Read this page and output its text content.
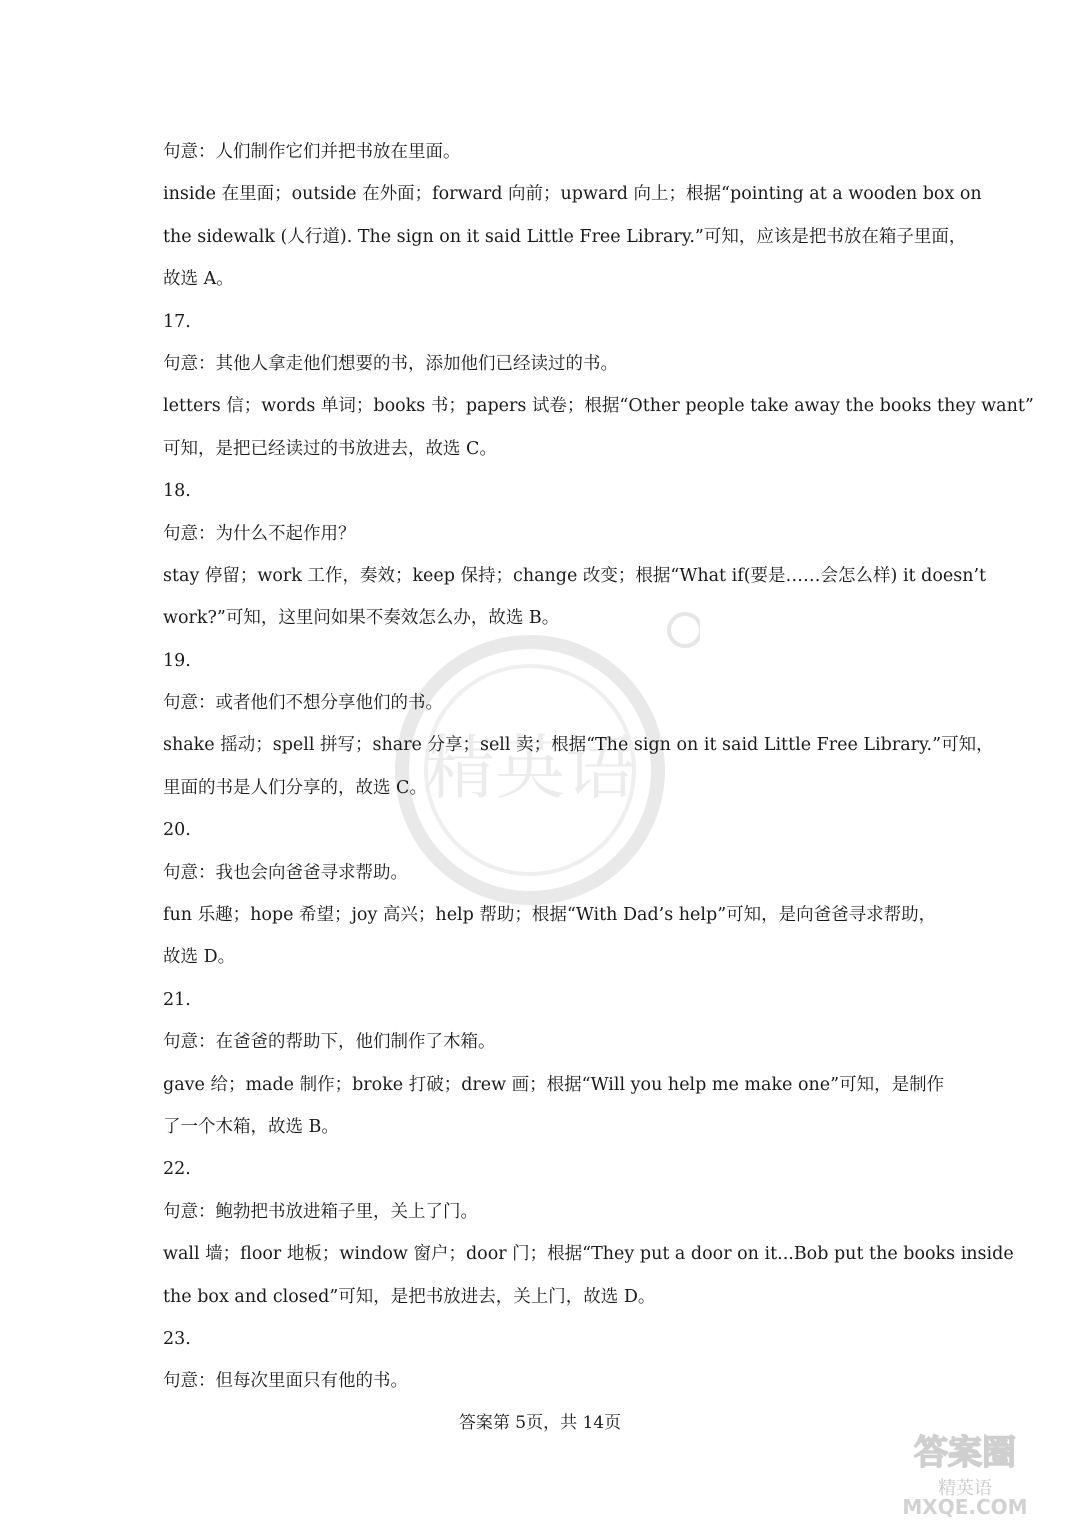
精英语

句意：人们制作它们并把书放在里面。

inside 在里面；outside 在外面；forward 向前；upward 向上；根据“pointing at a wooden box on

the sidewalk (人行道). The sign on it said Little Free Library.”可知，应该是把书放在箱子里面，

故选 A。

17.

句意：其他人拿走他们想要的书，添加他们已经读过的书。

letters 信；words 单词；books 书；papers 试卷；根据“Other people take away the books they want”

可知，是把已经读过的书放进去，故选 C。

18.

句意：为什么不起作用？

stay 停留；work 工作，奏效；keep 保持；change 改变；根据“What if(要是……会怎么样) it doesn’t

work?”可知，这里问如果不奏效怎么办，故选 B。

19.

句意：或者他们不想分享他们的书。

shake 摇动；spell 拼写；share 分享；sell 卖；根据“The sign on it said Little Free Library.”可知，

里面的书是人们分享的，故选 C。

20.

句意：我也会向爸爸寻求帮助。

fun 乐趣；hope 希望；joy 高兴；help 帮助；根据“With Dad’s help”可知，是向爸爸寻求帮助，

故选 D。

21.

句意：在爸爸的帮助下，他们制作了木箱。

gave 给；made 制作；broke 打破；drew 画；根据“Will you help me make one”可知，是制作

了一个木箱，故选 B。

22.

句意：鲍勃把书放进箱子里，关上了门。

wall 墙；floor 地板；window 窗户；door 门；根据“They put a door on it...Bob put the books inside

the box and closed”可知，是把书放进去，关上门，故选 D。

23.

句意：但每次里面只有他的书。

答案第 5页，共 14页
答案圈
精英语
MXQE.COM
